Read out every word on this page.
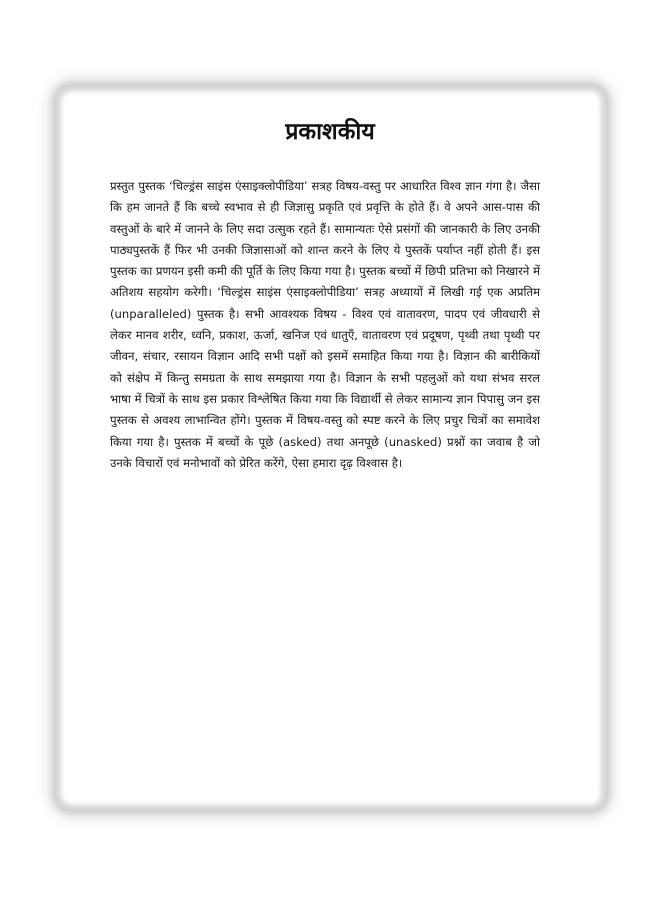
प्रकाशकीय

प्रस्तुत पुस्तक ‘चिल्ड्रंस साइंस एंसाइक्लोपीडिया’ सत्रह विषय-वस्तु पर आधारित विश्व ज्ञान गंगा है। जैसा कि हम जानते हैं कि बच्चे स्वभाव से ही जिज्ञासु प्रकृति एवं प्रवृत्ति के होते हैं। वे अपने आस-पास की वस्तुओं के बारे में जानने के लिए सदा उत्सुक रहते हैं। सामान्यतः ऐसे प्रसंगों की जानकारी के लिए उनकी पाठ्यपुस्तकें हैं फिर भी उनकी जिज्ञासाओं को शान्त करने के लिए ये पुस्तकें पर्याप्त नहीं होती हैं। इस पुस्तक का प्रणयन इसी कमी की पूर्ति के लिए किया गया है। पुस्तक बच्चों में छिपी प्रतिभा को निखारने में अतिशय सहयोग करेगी। ‘चिल्ड्रंस साइंस एंसाइक्लोपीडिया’ सत्रह अध्यायों में लिखी गई एक अप्रतिम (unparalleled) पुस्तक है। सभी आवश्यक विषय - विश्व एवं वातावरण, पादप एवं जीवधारी से लेकर मानव शरीर, ध्वनि, प्रकाश, ऊर्जा, खनिज एवं धातुएँ, वातावरण एवं प्रदूषण, पृथ्वी तथा पृथ्वी पर जीवन, संचार, रसायन विज्ञान आदि सभी पक्षों को इसमें समाहित किया गया है। विज्ञान की बारीकियों को संक्षेप में किन्तु समग्रता के साथ समझाया गया है। विज्ञान के सभी पहलुओं को यथा संभव सरल भाषा में चित्रों के साथ इस प्रकार विश्लेषित किया गया कि विद्यार्थी से लेकर सामान्य ज्ञान पिपासु जन इस पुस्तक से अवश्य लाभान्वित होंगे। पुस्तक में विषय-वस्तु को स्पष्ट करने के लिए प्रचुर चित्रों का समावेश किया गया है। पुस्तक में बच्चों के पूछे (asked) तथा अनपूछे (unasked) प्रश्नों का जवाब है जो उनके विचारों एवं मनोभावों को प्रेरित करेंगे, ऐसा हमारा दृढ़ विश्वास है।
